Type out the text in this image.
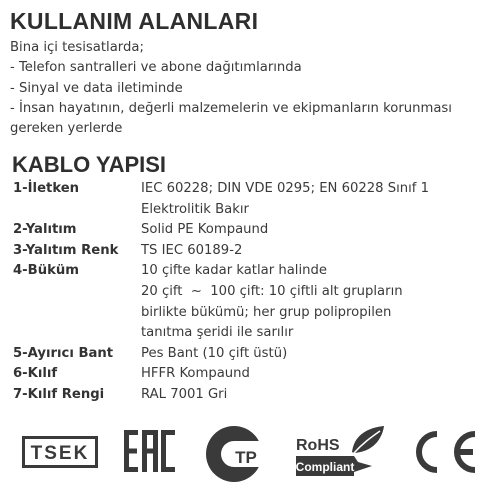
KULLANIM ALANLARI
Bina içi tesisatlarda;
- Telefon santralleri ve abone dağıtımlarında
- Sinyal ve data iletiminde
- İnsan hayatının, değerli malzemelerin ve ekipmanların korunması
gereken yerlerde
KABLO YAPISI
1-İletken	IEC 60228; DIN VDE 0295; EN 60228 Sınıf 1
Elektrolitik Bakır
2-Yalıtım	Solid PE Kompaund
3-Yalıtım Renk	TS IEC 60189-2
4-Büküm	10 çifte kadar katlar halinde
20 çift  ~  100 çift: 10 çiftli alt grupların
birlikte bükümü; her grup polipropilen
tanıtma şeridi ile sarılır
5-Ayırıcı Bant	Pes Bant (10 çift üstü)
6-Kılıf	HFFR Kompaund
7-Kılıf Rengi	RAL 7001 Gri
TSEK	TP
RoHS
Compliant
